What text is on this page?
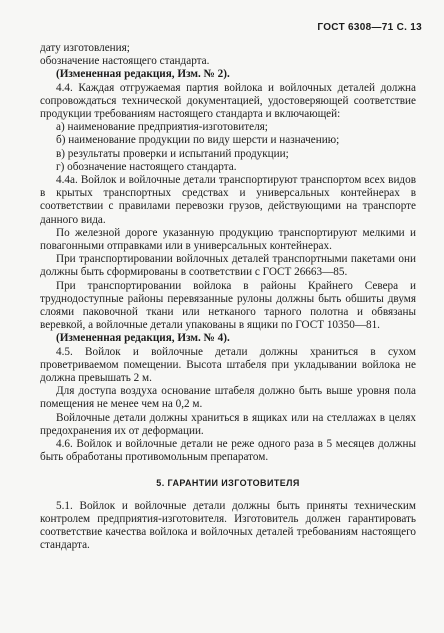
ГОСТ 6308—71 С. 13

дату изготовления;

обозначение настоящего стандарта.

(Измененная редакция, Изм. № 2).

4.4. Каждая отгружаемая партия войлока и войлочных деталей должна сопровождаться технической документацией, удостоверяющей соответствие продукции требованиям настоящего стандарта и включающей:

а) наименование предприятия-изготовителя;

б) наименование продукции по виду шерсти и назначению;

в) результаты проверки и испытаний продукции;

г) обозначение настоящего стандарта.

4.4а. Войлок и войлочные детали транспортируют транспортом всех видов в крытых транспортных средствах и универсальных контейнерах в соответствии с правилами перевозки грузов, действующими на транспорте данного вида.

По железной дороге указанную продукцию транспортируют мелкими и повагонными отправками или в универсальных контейнерах.

При транспортировании войлочных деталей транспортными пакетами они должны быть сформированы в соответствии с ГОСТ 26663—85.

При транспортировании войлока в районы Крайнего Севера и труднодоступные районы перевязанные рулоны должны быть обшиты двумя слоями паковочной ткани или нетканого тарного полотна и обвязаны веревкой, а войлочные детали упакованы в ящики по ГОСТ 10350—81.

(Измененная редакция, Изм. № 4).

4.5. Войлок и войлочные детали должны храниться в сухом проветриваемом помещении. Высота штабеля при укладывании войлока не должна превышать 2 м.

Для доступа воздуха основание штабеля должно быть выше уровня пола помещения не менее чем на 0,2 м.

Войлочные детали должны храниться в ящиках или на стеллажах в целях предохранения их от деформации.

4.6. Войлок и войлочные детали не реже одного раза в 5 месяцев должны быть обработаны противомольным препаратом.

5. ГАРАНТИИ ИЗГОТОВИТЕЛЯ

5.1. Войлок и войлочные детали должны быть приняты техническим контролем предприятия-изготовителя. Изготовитель должен гарантировать соответствие качества войлока и войлочных деталей требованиям настоящего стандарта.
